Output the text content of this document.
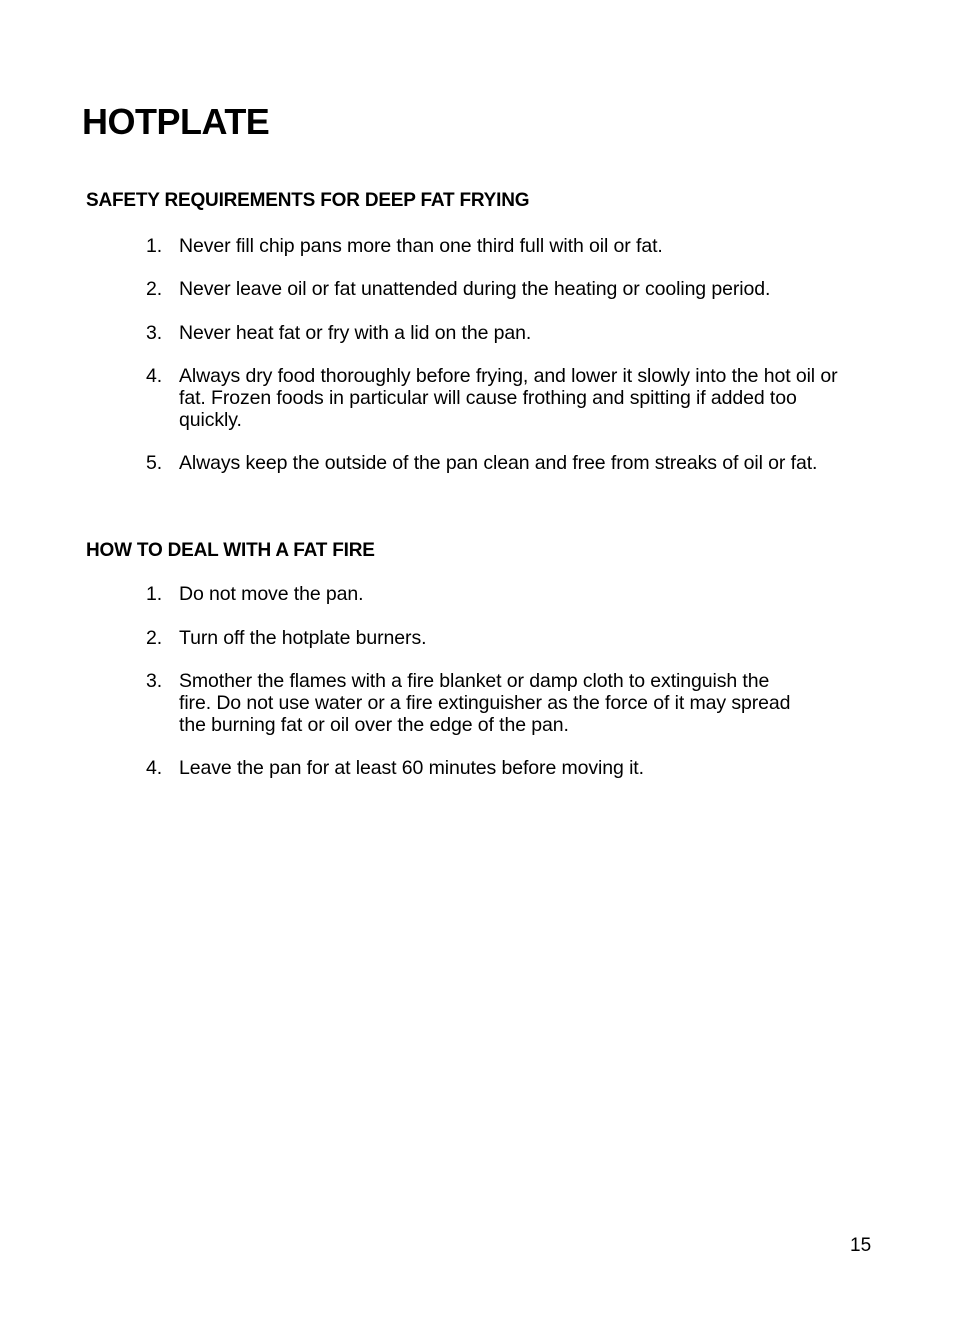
HOTPLATE
SAFETY REQUIREMENTS FOR DEEP FAT FRYING
1. Never fill chip pans more than one third full with oil or fat.
2. Never leave oil or fat unattended during the heating or cooling period.
3. Never heat fat or fry with a lid on the pan.
4. Always dry food thoroughly before frying, and lower it slowly into the hot oil or fat. Frozen foods in particular will cause frothing and spitting if added too quickly.
5. Always keep the outside of the pan clean and free from streaks of oil or fat.
HOW TO DEAL WITH A FAT FIRE
1. Do not move the pan.
2. Turn off the hotplate burners.
3. Smother the flames with a fire blanket or damp cloth to extinguish the fire. Do not use water or a fire extinguisher as the force of it may spread the burning fat or oil over the edge of the pan.
4. Leave the pan for at least 60 minutes before moving it.
15
